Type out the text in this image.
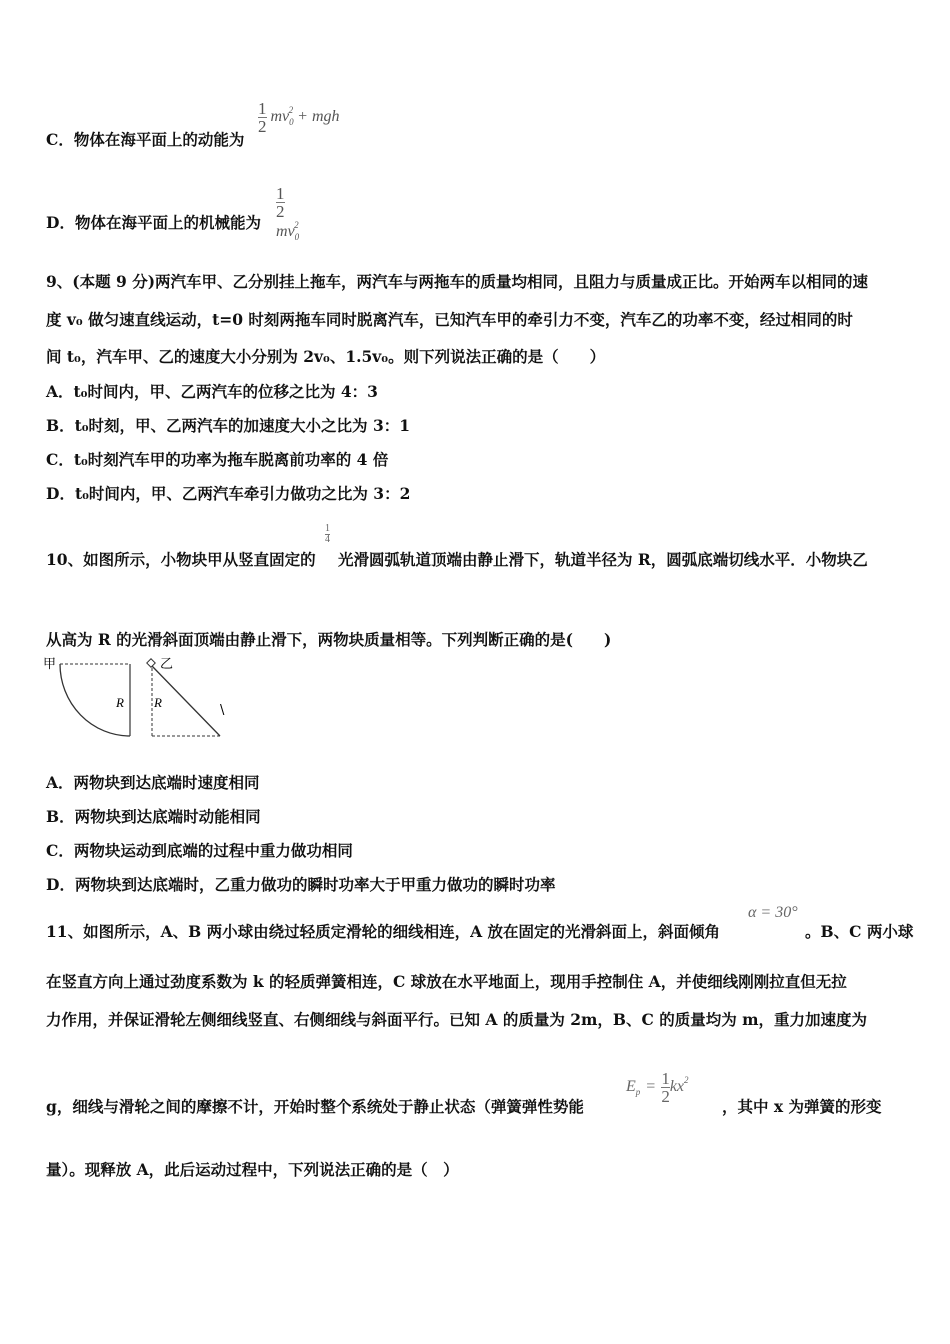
C．物体在海平面上的动能为
$\frac{1}{2} mv_0^2$ + mgh
D．物体在海平面上的机械能为
$\frac{1}{2}$
$mv_0^2$
9、(本题 9 分)两汽车甲、乙分别挂上拖车，两汽车与两拖车的质量均相同，且阻力与质量成正比。开始两车以相同的速
度 v₀ 做匀速直线运动，t=0 时刻两拖车同时脱离汽车，已知汽车甲的牵引力不变，汽车乙的功率不变，经过相同的时
间 t₀，汽车甲、乙的速度大小分别为 2v₀、1.5v₀。则下列说法正确的是（　　）
A．t₀时间内，甲、乙两汽车的位移之比为 4：3
B．t₀时刻，甲、乙两汽车的加速度大小之比为 3：1
C．t₀时刻汽车甲的功率为拖车脱离前功率的 4 倍
D．t₀时间内，甲、乙两汽车牵引力做功之比为 3：2
10、如图所示，小物块甲从竖直固定的
$\frac{1}{4}$
光滑圆弧轨道顶端由静止滑下，轨道半径为 R，圆弧底端切线水平．小物块乙
从高为 R 的光滑斜面顶端由静止滑下，两物块质量相等。下列判断正确的是(　　)
甲
R
乙
R
\
A．两物块到达底端时速度相同
B．两物块到达底端时动能相同
C．两物块运动到底端的过程中重力做功相同
D．两物块到达底端时，乙重力做功的瞬时功率大于甲重力做功的瞬时功率
11、如图所示，A、B 两小球由绕过轻质定滑轮的细线相连，A 放在固定的光滑斜面上，斜面倾角
α = 30°
。B、C 两小球
在竖直方向上通过劲度系数为 k 的轻质弹簧相连，C 球放在水平地面上，现用手控制住 A，并使细线刚刚拉直但无拉
力作用，并保证滑轮左侧细线竖直、右侧细线与斜面平行。已知 A 的质量为 2m，B、C 的质量均为 m，重力加速度为
g，细线与滑轮之间的摩擦不计，开始时整个系统处于静止状态（弹簧弹性势能
$E_p = \frac{1}{2} kx^2$
，其中 x 为弹簧的形变
量）。现释放 A，此后运动过程中，下列说法正确的是（　）
